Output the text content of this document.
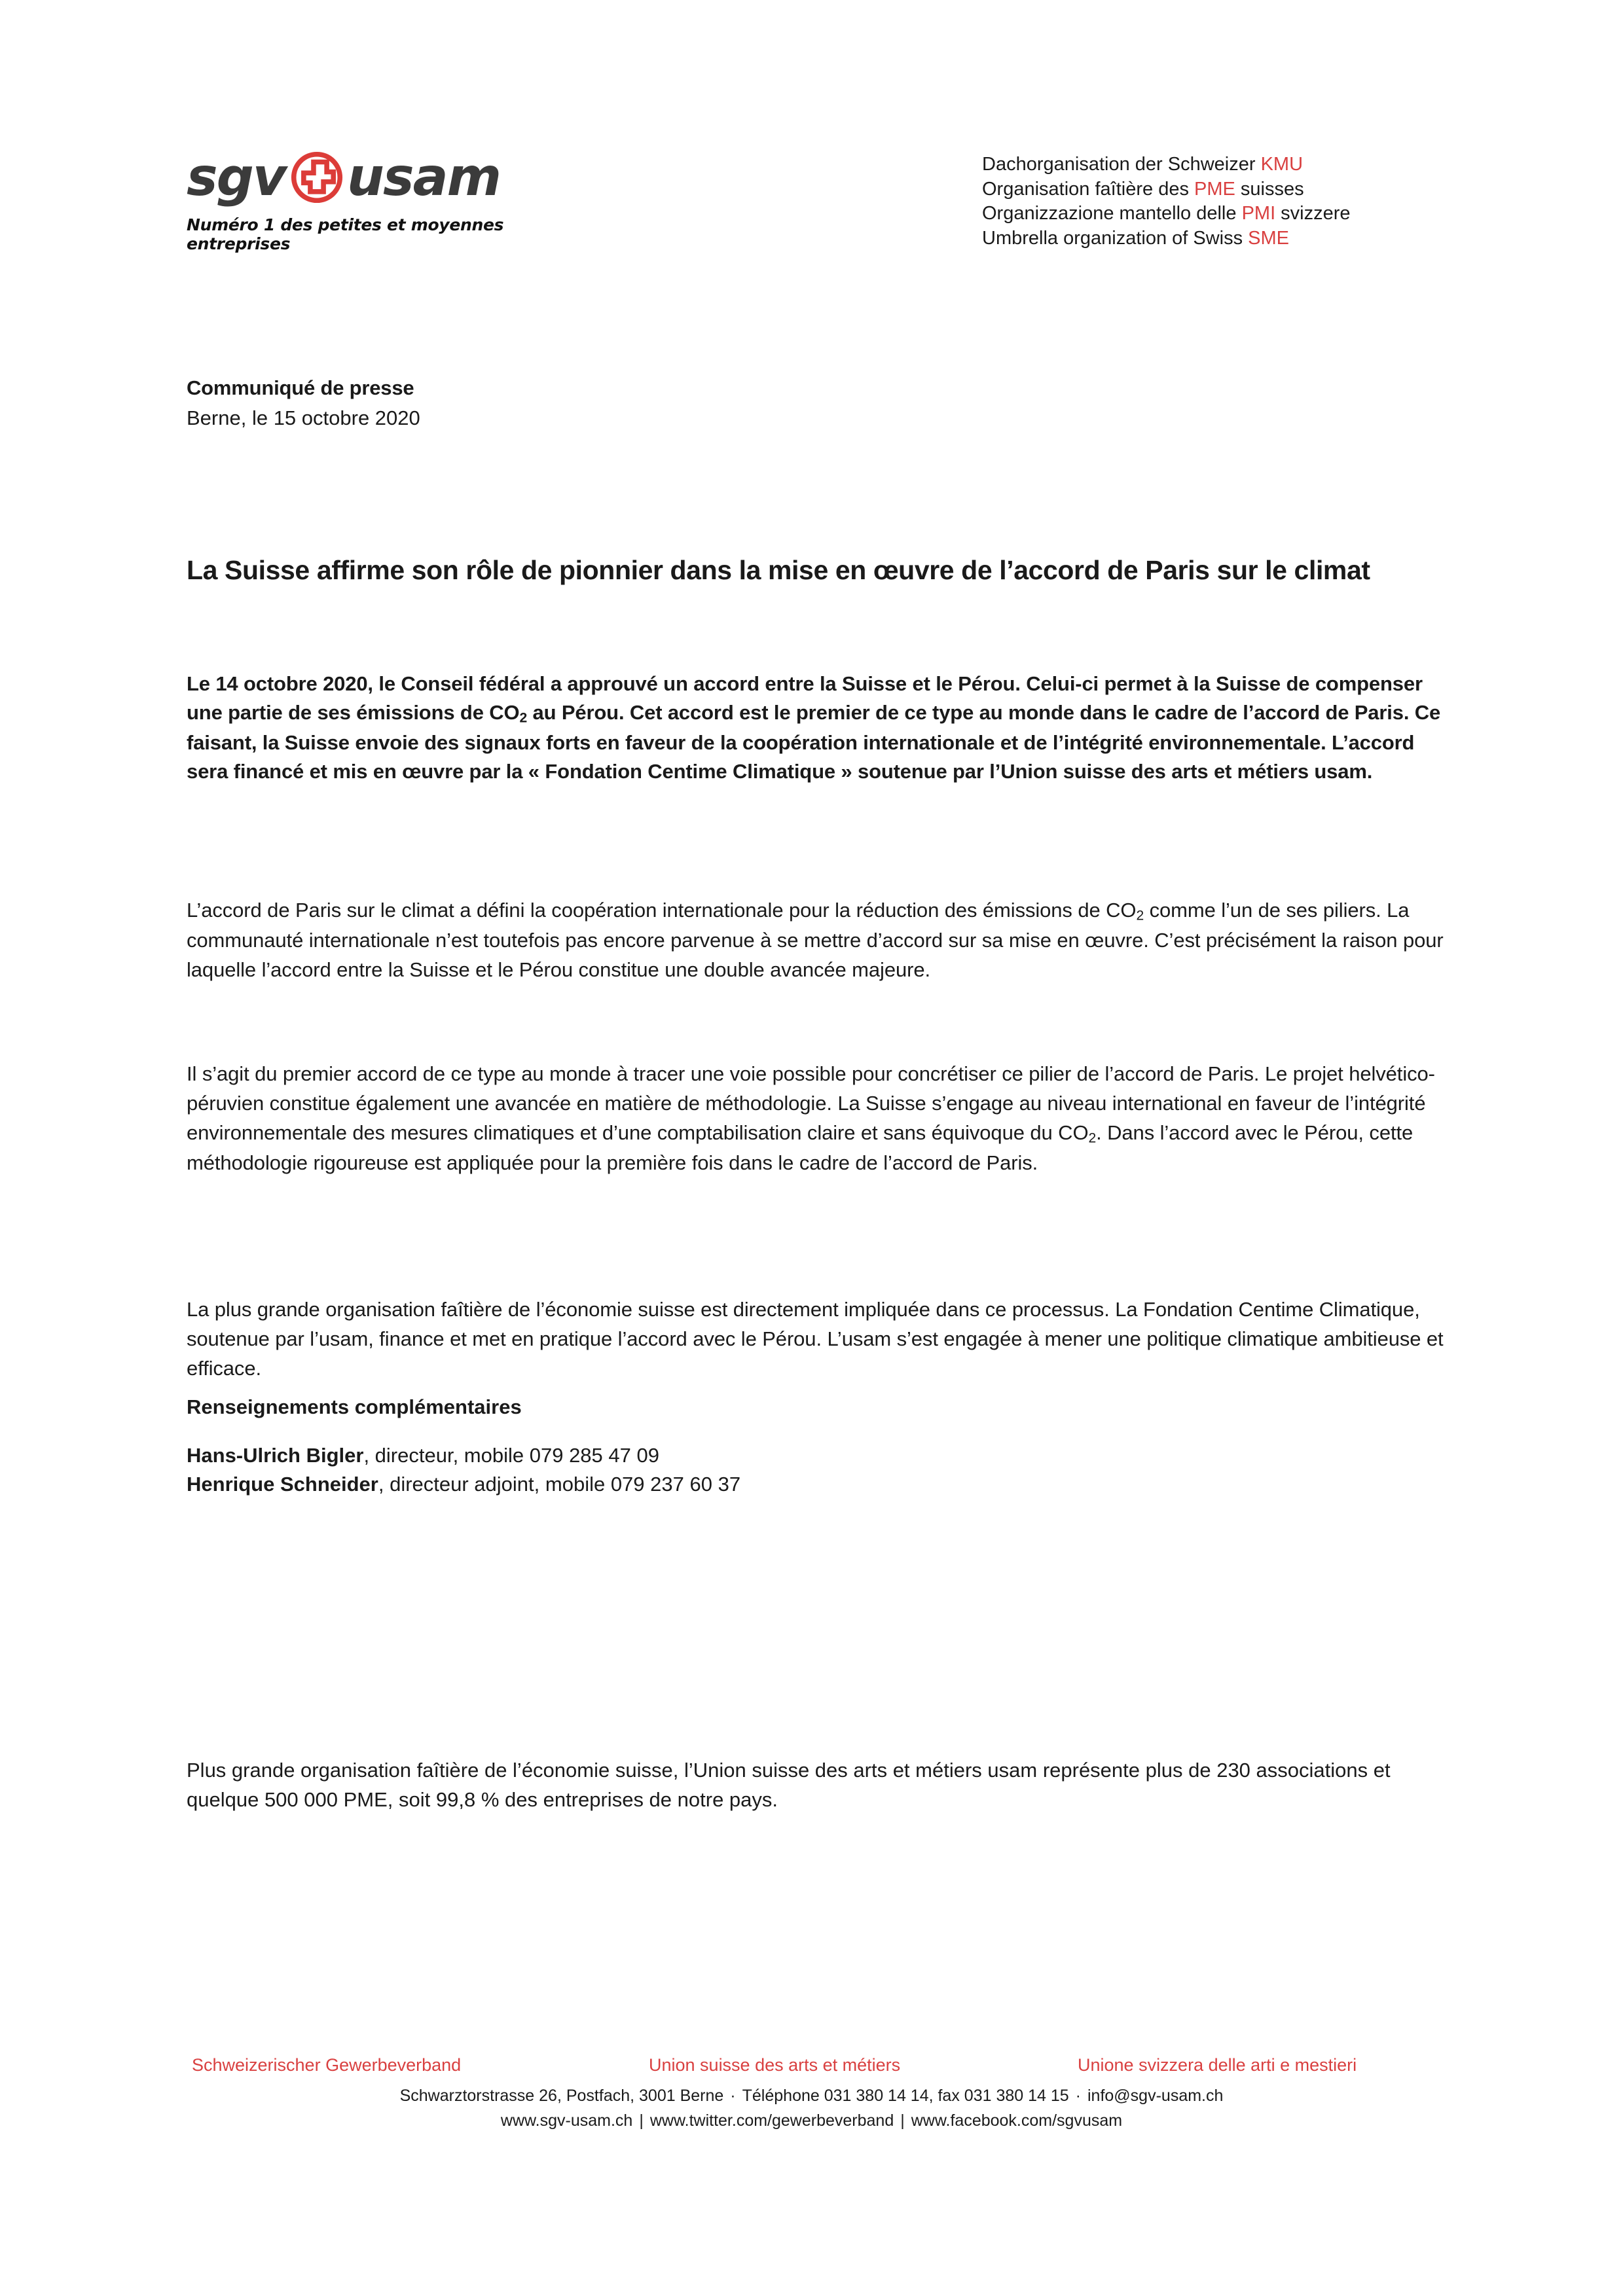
sgv usam
Numéro 1 des petites et moyennes entreprises
Dachorganisation der Schweizer KMU
Organisation faîtière des PME suisses
Organizzazione mantello delle PMI svizzere
Umbrella organization of Swiss SME
Communiqué de presse
Berne, le 15 octobre 2020
La Suisse affirme son rôle de pionnier dans la mise en œuvre de l’accord de Paris sur le climat

Le 14 octobre 2020, le Conseil fédéral a approuvé un accord entre la Suisse et le Pérou. Celui-ci permet à la Suisse de compenser une partie de ses émissions de $CO_2$ au Pérou. Cet accord est le premier de ce type au monde dans le cadre de l’accord de Paris. Ce faisant, la Suisse envoie des signaux forts en faveur de la coopération internationale et de l’intégrité environnementale. L’accord sera financé et mis en œuvre par la « Fondation Centime Climatique » soutenue par l’Union suisse des arts et métiers usam.

L’accord de Paris sur le climat a défini la coopération internationale pour la réduction des émissions de $CO_2$ comme l’un de ses piliers. La communauté internationale n’est toutefois pas encore parvenue à se mettre d’accord sur sa mise en œuvre. C’est précisément la raison pour laquelle l’accord entre la Suisse et le Pérou constitue une double avancée majeure.

Il s’agit du premier accord de ce type au monde à tracer une voie possible pour concrétiser ce pilier de l’accord de Paris. Le projet helvético-péruvien constitue également une avancée en matière de méthodologie. La Suisse s’engage au niveau international en faveur de l’intégrité environnementale des mesures climatiques et d’une comptabilisation claire et sans équivoque du $CO_2$. Dans l’accord avec le Pérou, cette méthodologie rigoureuse est appliquée pour la première fois dans le cadre de l’accord de Paris.

La plus grande organisation faîtière de l’économie suisse est directement impliquée dans ce processus. La Fondation Centime Climatique, soutenue par l’usam, finance et met en pratique l’accord avec le Pérou. L’usam s’est engagée à mener une politique climatique ambitieuse et efficace.

Renseignements complémentaires
Hans-Ulrich Bigler, directeur, mobile 079 285 47 09
Henrique Schneider, directeur adjoint, mobile 079 237 60 37

Plus grande organisation faîtière de l’économie suisse, l’Union suisse des arts et métiers usam représente plus de 230 associations et quelque 500 000 PME, soit 99,8 % des entreprises de notre pays.

Schweizerischer Gewerbeverband	Union suisse des arts et métiers	Unione svizzera delle arti e mestieri
Schwarztorstrasse 26, Postfach, 3001 Berne · Téléphone 031 380 14 14, fax 031 380 14 15 · info@sgv-usam.ch
www.sgv-usam.ch | www.twitter.com/gewerbeverband | www.facebook.com/sgvusam
